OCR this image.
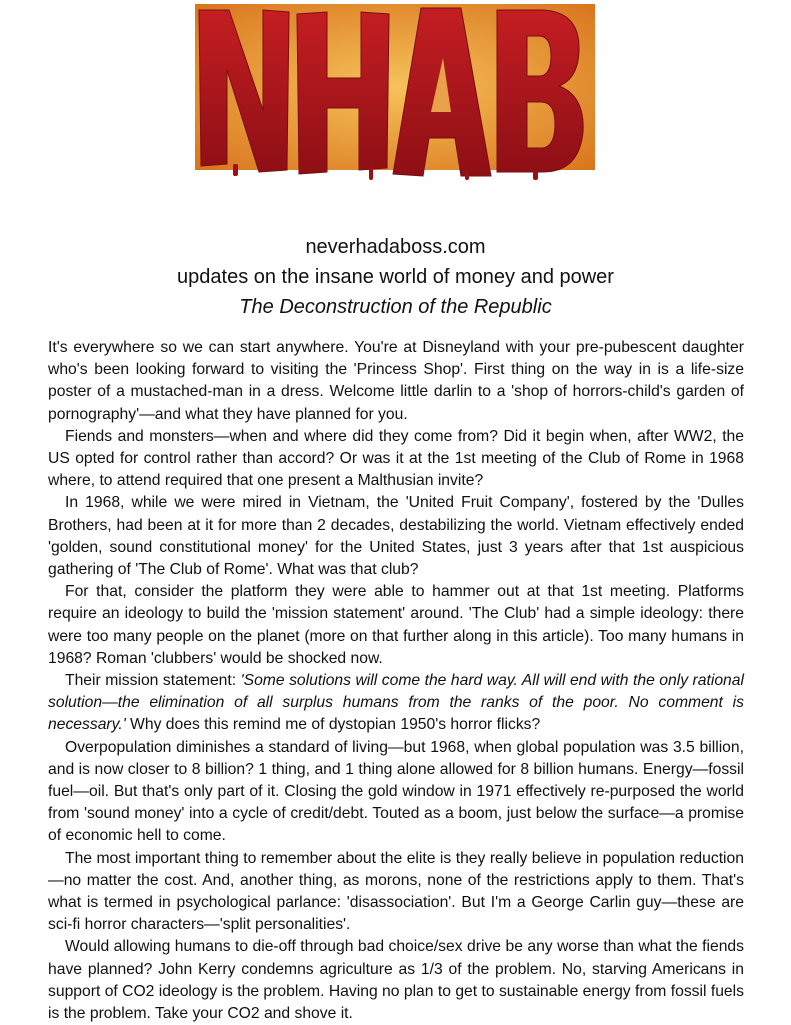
neverhadaboss.com
updates on the insane world of money and power
The Deconstruction of the Republic

It's everywhere so we can start anywhere. You're at Disneyland with your pre-pubescent daughter who's been looking forward to visiting the 'Princess Shop'. First thing on the way in is a life-size poster of a mustached-man in a dress. Welcome little darlin to a 'shop of horrors-child's garden of pornography'—and what they have planned for you.

Fiends and monsters—when and where did they come from? Did it begin when, after WW2, the US opted for control rather than accord? Or was it at the 1st meeting of the Club of Rome in 1968 where, to attend required that one present a Malthusian invite?

In 1968, while we were mired in Vietnam, the 'United Fruit Company', fostered by the 'Dulles Brothers, had been at it for more than 2 decades, destabilizing the world. Vietnam effectively ended 'golden, sound constitutional money' for the United States, just 3 years after that 1st auspicious gathering of 'The Club of Rome'. What was that club?

For that, consider the platform they were able to hammer out at that 1st meeting. Platforms require an ideology to build the 'mission statement' around. 'The Club' had a simple ideology: there were too many people on the planet (more on that further along in this article). Too many humans in 1968? Roman 'clubbers' would be shocked now.

Their mission statement: 'Some solutions will come the hard way. All will end with the only rational solution—the elimination of all surplus humans from the ranks of the poor. No comment is necessary.' Why does this remind me of dystopian 1950's horror flicks?

Overpopulation diminishes a standard of living—but 1968, when global population was 3.5 billion, and is now closer to 8 billion? 1 thing, and 1 thing alone allowed for 8 billion humans. Energy—fossil fuel—oil. But that's only part of it. Closing the gold window in 1971 effectively re-purposed the world from 'sound money' into a cycle of credit/debt. Touted as a boom, just below the surface—a promise of economic hell to come.

The most important thing to remember about the elite is they really believe in population reduction—no matter the cost. And, another thing, as morons, none of the restrictions apply to them. That's what is termed in psychological parlance: 'disassociation'. But I'm a George Carlin guy—these are sci-fi horror characters—'split personalities'.

Would allowing humans to die-off through bad choice/sex drive be any worse than what the fiends have planned? John Kerry condemns agriculture as 1/3 of the problem. No, starving Americans in support of CO2 ideology is the problem. Having no plan to get to sustainable energy from fossil fuels is the problem. Take your CO2 and shove it.
